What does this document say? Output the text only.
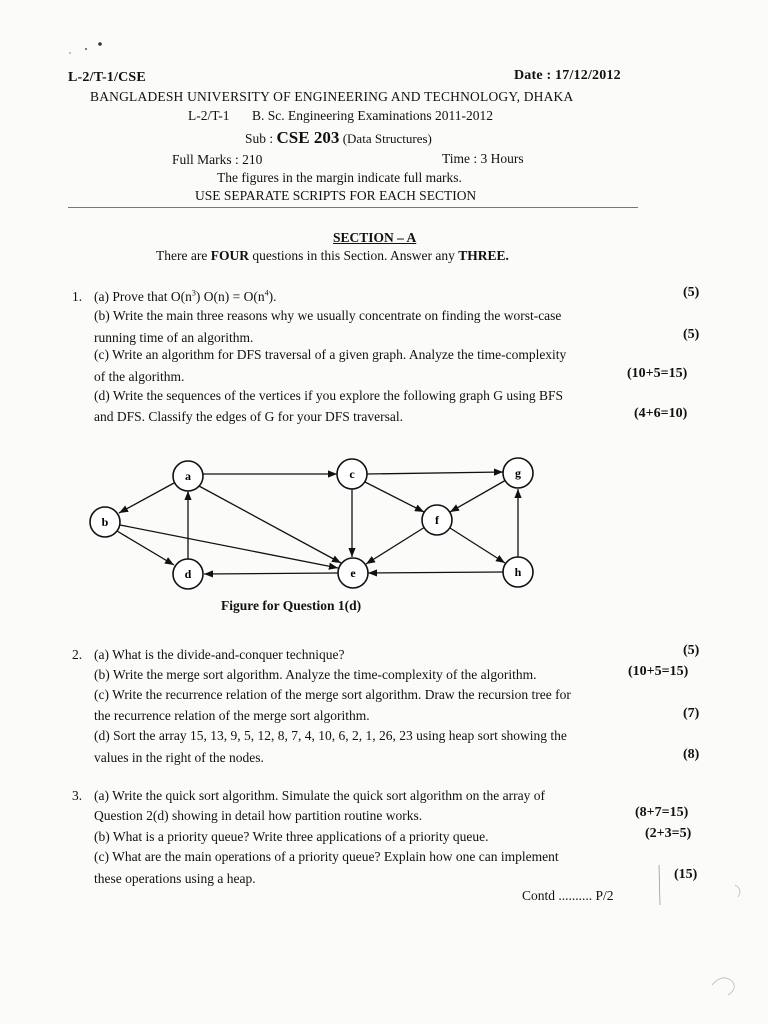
L-2/T-1/CSE	Date : 17/12/2012
BANGLADESH UNIVERSITY OF ENGINEERING AND TECHNOLOGY, DHAKA
L-2/T-1 B. Sc. Engineering Examinations 2011-2012
Sub : CSE 203 (Data Structures)
Full Marks : 210	Time : 3 Hours
The figures in the margin indicate full marks.
USE SEPARATE SCRIPTS FOR EACH SECTION
SECTION – A
There are FOUR questions in this Section. Answer any THREE.
1. (a) Prove that $O(n^3) O(n) = O(n^4)$.	(5)
(b) Write the main three reasons why we usually concentrate on finding the worst-case
running time of an algorithm.	(5)
(c) Write an algorithm for DFS traversal of a given graph. Analyze the time-complexity
of the algorithm.	(10+5=15)
(d) Write the sequences of the vertices if you explore the following graph G using BFS
and DFS. Classify the edges of G for your DFS traversal.	(4+6=10)
a	c	g
b	f
d	e	h
Figure for Question 1(d)
2. (a) What is the divide-and-conquer technique?	(5)
(b) Write the merge sort algorithm. Analyze the time-complexity of the algorithm.	(10+5=15)
(c) Write the recurrence relation of the merge sort algorithm. Draw the recursion tree for
the recurrence relation of the merge sort algorithm.	(7)
(d) Sort the array 15, 13, 9, 5, 12, 8, 7, 4, 10, 6, 2, 1, 26, 23 using heap sort showing the
values in the right of the nodes.	(8)
3. (a) Write the quick sort algorithm. Simulate the quick sort algorithm on the array of
Question 2(d) showing in detail how partition routine works.	(8+7=15)
(b) What is a priority queue? Write three applications of a priority queue.	(2+3=5)
(c) What are the main operations of a priority queue? Explain how one can implement
these operations using a heap.	(15)
Contd .......... P/2
